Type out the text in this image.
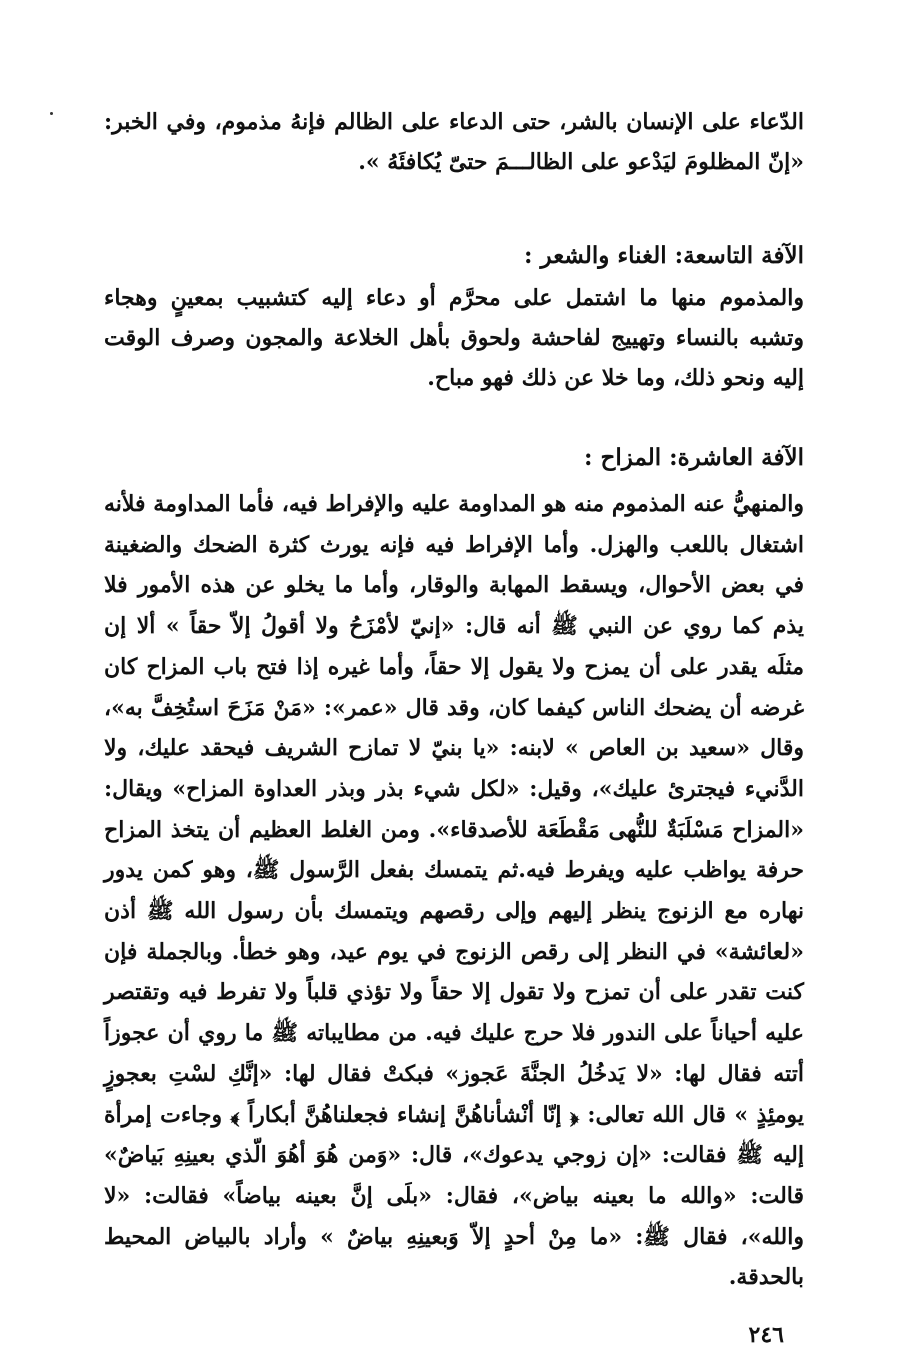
الدّعاء على الإنسان بالشر، حتى الدعاء على الظالم فإنهُ مذموم، وفي الخبر: «إنّ المظلومَ ليَدْعو على الظالـــمَ حتىّ يُكافئَهُ ».

الآفة التاسعة: الغناء والشعر :

والمذموم منها ما اشتمل على محرَّم أو دعاء إليه كتشبيب بمعينٍ وهجاء وتشبه بالنساء وتهييج لفاحشة ولحوق بأهل الخلاعة والمجون وصرف الوقت إليه ونحو ذلك، وما خلا عن ذلك فهو مباح.

الآفة العاشرة: المزاح :

والمنهيُّ عنه المذموم منه هو المداومة عليه والإفراط فيه، فأما المداومة فلأنه اشتغال باللعب والهزل. وأما الإفراط فيه فإنه يورث كثرة الضحك والضغينة في بعض الأحوال، ويسقط المهابة والوقار، وأما ما يخلو عن هذه الأمور فلا يذم كما روي عن النبي ﷺ أنه قال: «إنيّ لأمْزَحُ ولا أقولُ إلاّ حقاً » ألا إن مثلَه يقدر على أن يمزح ولا يقول إلا حقاً، وأما غيره إذا فتح باب المزاح كان غرضه أن يضحك الناس كيفما كان، وقد قال «عمر»: «مَنْ مَزَحَ استُخِفَّ به»، وقال «سعيد بن العاص » لابنه: «يا بنيّ لا تمازح الشريف فيحقد عليك، ولا الدَّنيء فيجترئ عليك»، وقيل: «لكل شيء بذر وبذر العداوة المزاح» ويقال: «المزاح مَسْلَبَةٌ للنُّهى مَقْطَعَة للأصدقاء». ومن الغلط العظيم أن يتخذ المزاح حرفة يواظب عليه ويفرط فيه.ثم يتمسك بفعل الرَّسول ﷺ، وهو كمن يدور نهاره مع الزنوج ينظر إليهم وإلى رقصهم ويتمسك بأن رسول الله ﷺ أذن «لعائشة» في النظر إلى رقص الزنوج في يوم عيد، وهو خطأ. وبالجملة فإن كنت تقدر على أن تمزح ولا تقول إلا حقاً ولا تؤذي قلباً ولا تفرط فيه وتقتصر عليه أحياناً على الندور فلا حرج عليك فيه. من مطايباته ﷺ ما روي أن عجوزاً أتته فقال لها: «لا يَدخُلُ الجنَّةَ عَجوز» فبكتْ فقال لها: «إنَّكِ لسْتِ بعجوزٍ يومئِذٍ » قال الله تعالى: ﴿ إنّا أنْشأناهُنَّ إنشاء فجعلناهُنَّ أبكاراً ﴾ وجاءت إمرأة إليه ﷺ فقالت: «إن زوجي يدعوك»، قال: «وَمن هُوَ أهُوَ الّذي بعينِهِ بَياضٌ» قالت: «والله ما بعينه بياض»، فقال: «بلَى إنَّ بعينه بياضاً» فقالت: «لا والله»، فقال ﷺ: «ما مِنْ أحدٍ إلاّ وَبعينِهِ بياضٌ » وأراد بالبياض المحيط بالحدقة.

٢٤٦
